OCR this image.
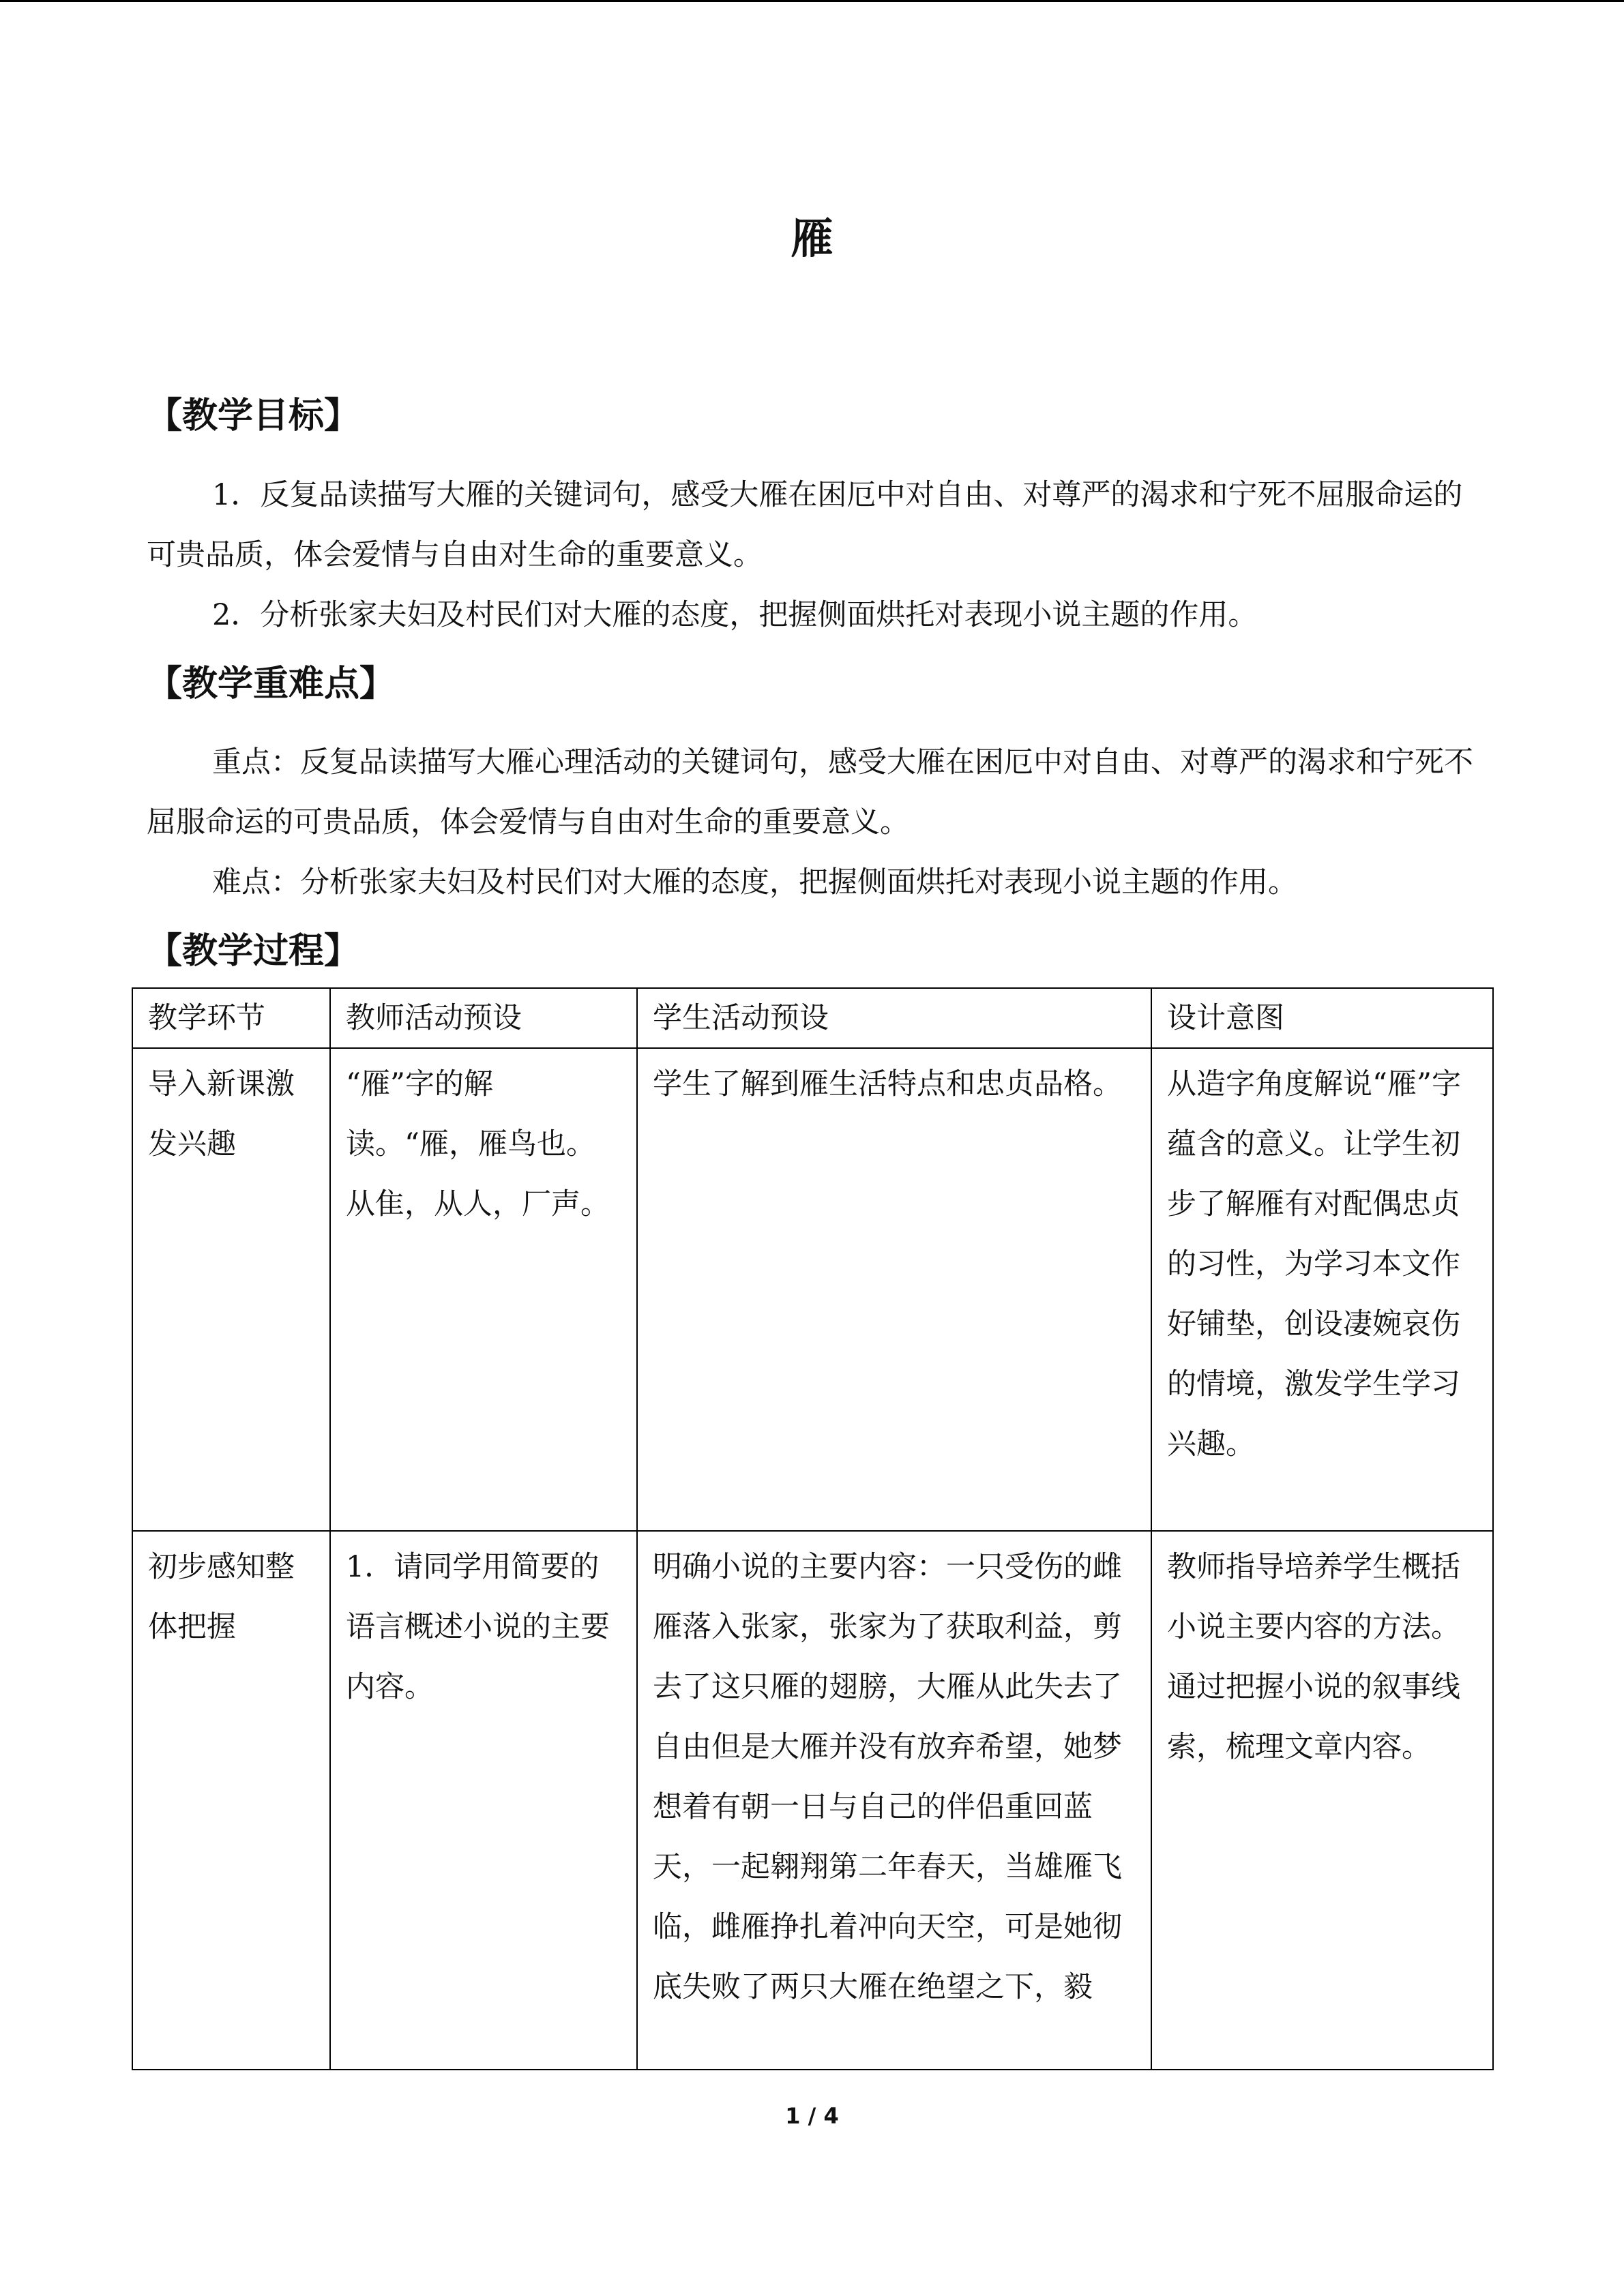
雁
【教学目标】

1．反复品读描写大雁的关键词句，感受大雁在困厄中对自由、对尊严的渴求和宁死不屈服命运的可贵品质，体会爱情与自由对生命的重要意义。

2．分析张家夫妇及村民们对大雁的态度，把握侧面烘托对表现小说主题的作用。

【教学重难点】

重点：反复品读描写大雁心理活动的关键词句，感受大雁在困厄中对自由、对尊严的渴求和宁死不屈服命运的可贵品质，体会爱情与自由对生命的重要意义。

难点：分析张家夫妇及村民们对大雁的态度，把握侧面烘托对表现小说主题的作用。

【教学过程】
教学环节	教师活动预设	学生活动预设	设计意图

导入新课激发兴趣	“雁”字的解读。“雁，雁鸟也。从隹，从人，厂声。	学生了解到雁生活特点和忠贞品格。	从造字角度解说“雁”字蕴含的意义。让学生初步了解雁有对配偶忠贞的习性，为学习本文作好铺垫，创设凄婉哀伤的情境，激发学生学习兴趣。

初步感知整体把握	1．请同学用简要的语言概述小说的主要内容。	明确小说的主要内容：一只受伤的雌雁落入张家，张家为了获取利益，剪去了这只雁的翅膀，大雁从此失去了自由但是大雁并没有放弃希望，她梦想着有朝一日与自己的伴侣重回蓝天，一起翱翔第二年春天，当雄雁飞临，雌雁挣扎着冲向天空，可是她彻底失败了两只大雁在绝望之下，毅	教师指导培养学生概括小说主要内容的方法。通过把握小说的叙事线索，梳理文章内容。
1 / 4
